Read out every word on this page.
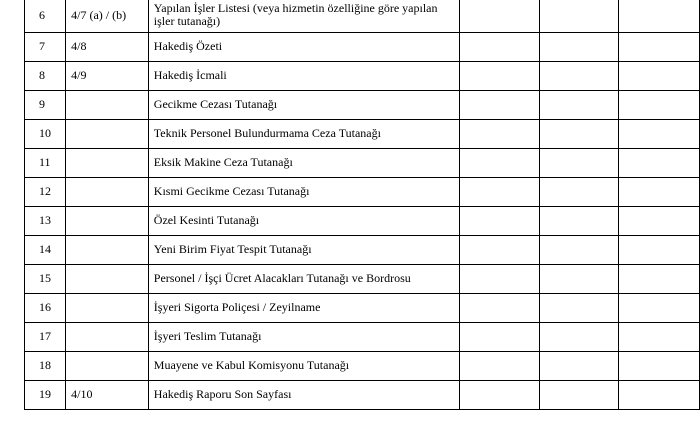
6	4/7 (a) / (b)	Yapılan İşler Listesi (veya hizmetin özelliğine göre yapılan işler tutanağı)			
7	4/8	Hakediş Özeti			
8	4/9	Hakediş İcmali			
9		Gecikme Cezası Tutanağı			
10		Teknik Personel Bulundurmama Ceza Tutanağı			
11		Eksik Makine Ceza Tutanağı			
12		Kısmi Gecikme Cezası Tutanağı			
13		Özel Kesinti Tutanağı			
14		Yeni Birim Fiyat Tespit Tutanağı			
15		Personel / İşçi Ücret Alacakları Tutanağı ve Bordrosu			
16		İşyeri Sigorta Poliçesi / Zeyilname			
17		İşyeri Teslim Tutanağı			
18		Muayene ve Kabul Komisyonu Tutanağı			
19	4/10	Hakediş Raporu Son Sayfası			
